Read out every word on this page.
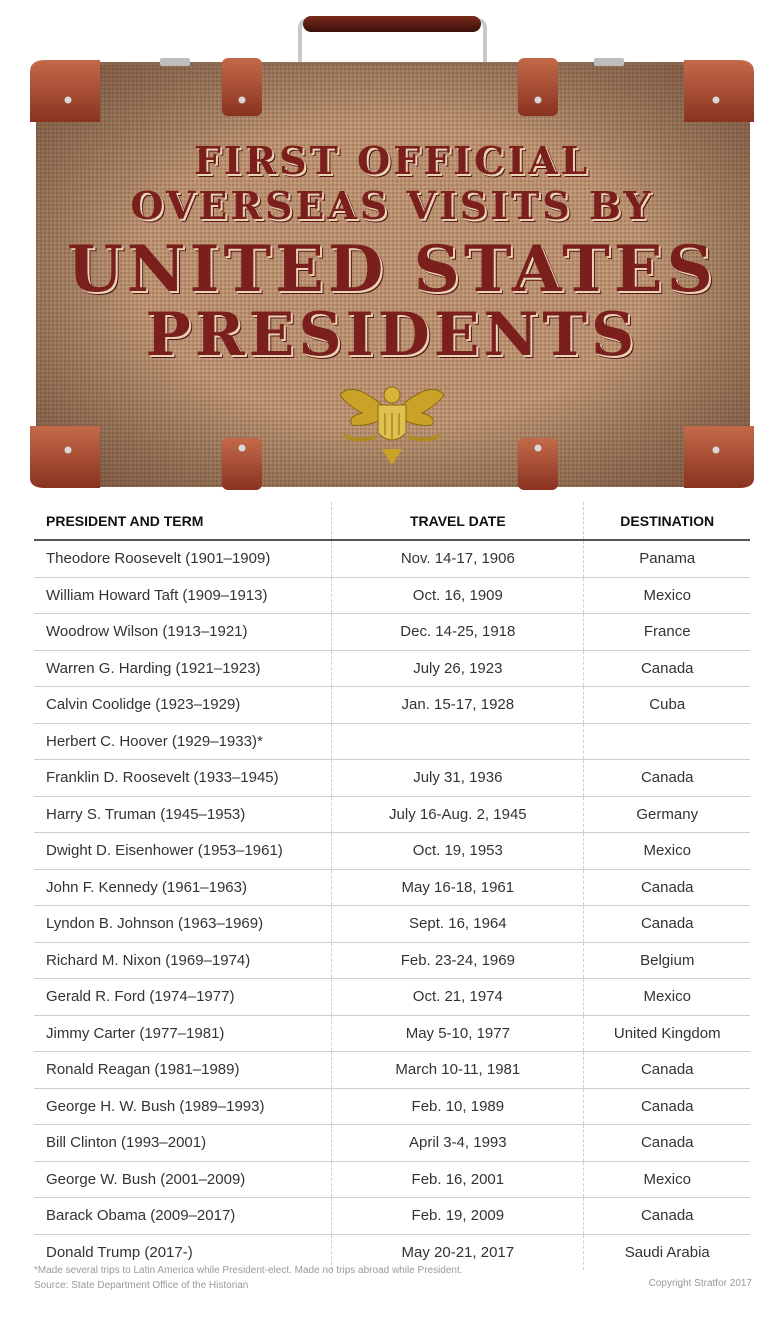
FIRST OFFICIAL
OVERSEAS VISITS BY
UNITED STATES
PRESIDENTS
PRESIDENT AND TERM	TRAVEL DATE	DESTINATION
Theodore Roosevelt (1901–1909)	Nov. 14-17, 1906	Panama
William Howard Taft (1909–1913)	Oct. 16, 1909	Mexico
Woodrow Wilson (1913–1921)	Dec. 14-25, 1918	France
Warren G. Harding (1921–1923)	July 26, 1923	Canada
Calvin Coolidge (1923–1929)	Jan. 15-17, 1928	Cuba
Herbert C. Hoover (1929–1933)*
Franklin D. Roosevelt (1933–1945)	July 31, 1936	Canada
Harry S. Truman (1945–1953)	July 16-Aug. 2, 1945	Germany
Dwight D. Eisenhower (1953–1961)	Oct. 19, 1953	Mexico
John F. Kennedy (1961–1963)	May 16-18, 1961	Canada
Lyndon B. Johnson (1963–1969)	Sept. 16, 1964	Canada
Richard M. Nixon (1969–1974)	Feb. 23-24, 1969	Belgium
Gerald R. Ford (1974–1977)	Oct. 21, 1974	Mexico
Jimmy Carter (1977–1981)	May 5-10, 1977	United Kingdom
Ronald Reagan (1981–1989)	March 10-11, 1981	Canada
George H. W. Bush (1989–1993)	Feb. 10, 1989	Canada
Bill Clinton (1993–2001)	April 3-4, 1993	Canada
George W. Bush (2001–2009)	Feb. 16, 2001	Mexico
Barack Obama (2009–2017)	Feb. 19, 2009	Canada
Donald Trump (2017-)	May 20-21, 2017	Saudi Arabia
*Made several trips to Latin America while President-elect. Made no trips abroad while President.
Source: State Department Office of the Historian	Copyright Stratfor 2017
